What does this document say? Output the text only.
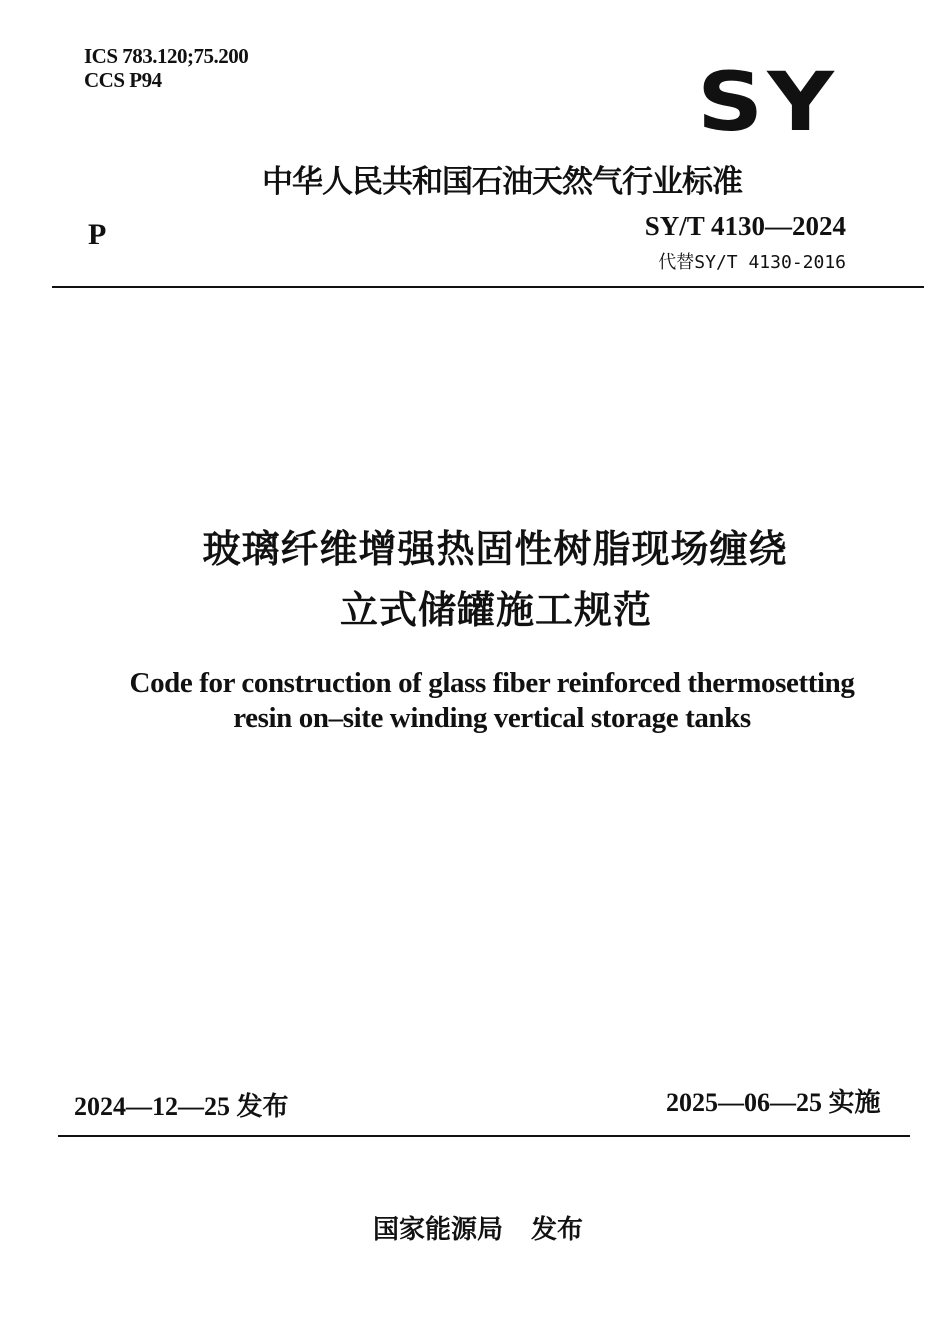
ICS 783.120;75.200
CCS P94	SY
中华人民共和国石油天然气行业标准
P	SY/T 4130—2024
代替SY/T 4130-2016
玻璃纤维增强热固性树脂现场缠绕
立式储罐施工规范
Code for construction of glass fiber reinforced thermosetting
resin on–site winding vertical storage tanks
2024—12—25 发布	2025—06—25 实施
国家能源局 发布
